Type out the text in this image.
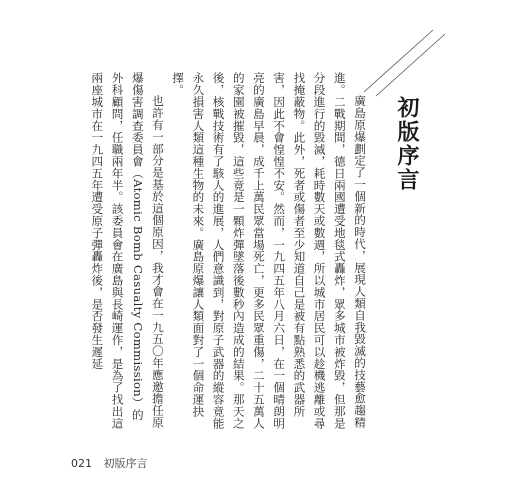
初版序言

廣島原爆劃定了一個新的時代，展現人類自我毀滅的技藝愈趨精進。二戰期間，德日兩國遭受地毯式轟炸，眾多城市被炸毀，但那是分段進行的毀滅，耗時數天或數週，所以城市居民可以趁機逃離或尋找掩蔽物。此外，死者或傷者至少知道自己是被有點熟悉的武器所害，因此不會惶惶不安。然而，一九四五年八月六日，在一個晴朗明亮的廣島早晨，成千上萬民眾當場死亡，更多民眾重傷，二十五萬人的家園被摧毀，這些竟是一顆炸彈墜落後數秒內造成的結果。那天之後，核戰技術有了駭人的進展，人們意識到，對原子武器的縱容竟能永久損害人類這種生物的未來。廣島原爆讓人類面對了一個命運抉擇。

也許有一部分是基於這個原因，我才會在一九五〇年應邀擔任原爆傷害調查委員會（Atomic Bomb Casualty Commission）的外科顧問，任職兩年半。該委員會在廣島與長崎運作，是為了找出這兩座城市在一九四五年遭受原子彈轟炸後，是否發生遲延

021 初版序言
